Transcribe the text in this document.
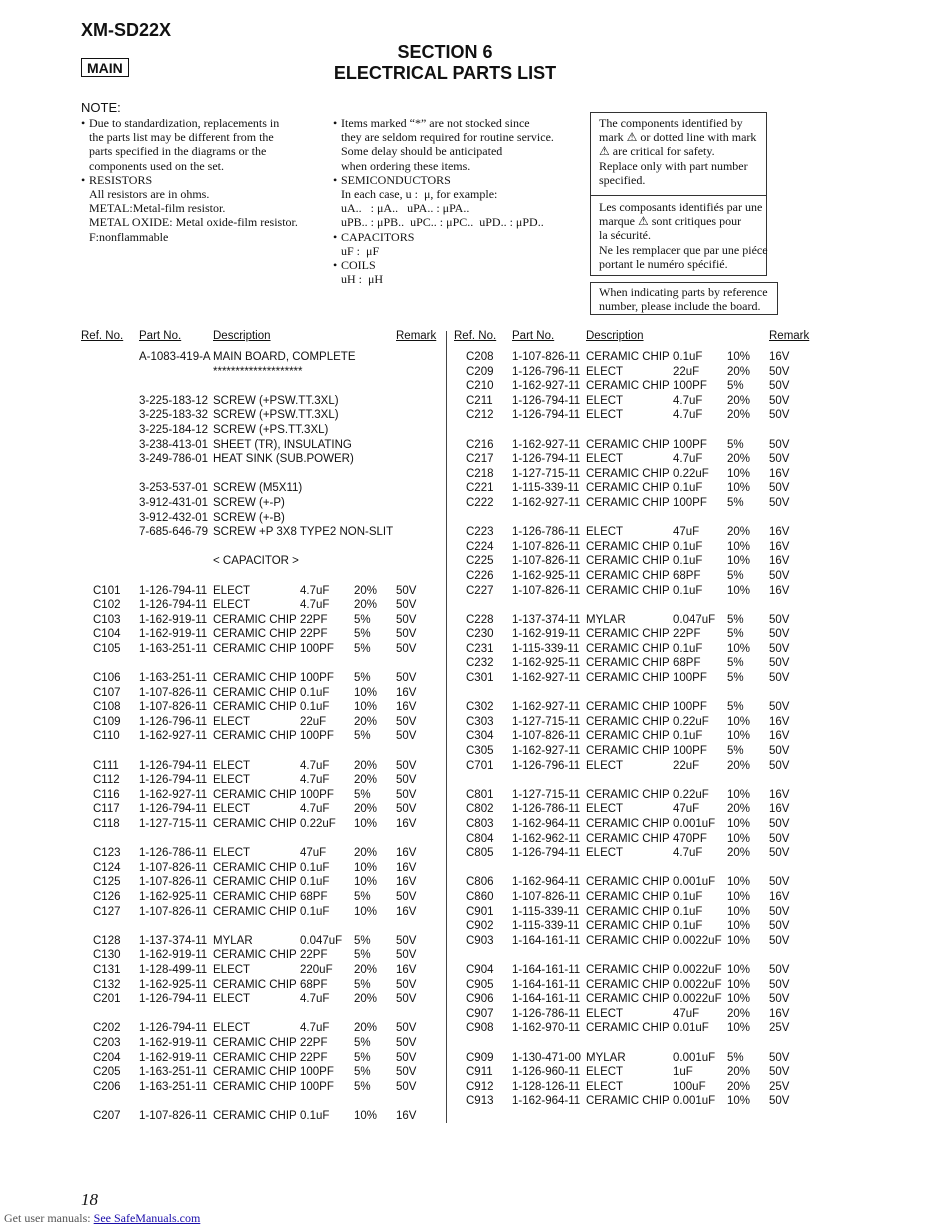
XM-SD22X
MAIN
SECTION 6
ELECTRICAL PARTS LIST
NOTE:
• Due to standardization, replacements in
the parts list may be different from the
parts specified in the diagrams or the
components used on the set.
• RESISTORS
All resistors are in ohms.
METAL:Metal-film resistor.
METAL OXIDE: Metal oxide-film resistor.
F:nonflammable
• Items marked “*” are not stocked since
they are seldom required for routine service.
Some delay should be anticipated
when ordering these items.
• SEMICONDUCTORS
In each case, u :  μ, for example:
uA..   : μA..   uPA.. : μPA..
uPB.. : μPB..  uPC.. : μPC..  uPD.. : μPD..
• CAPACITORS
uF :  μF
• COILS
uH :  μH
The components identified by
mark ⚠ or dotted line with mark
⚠ are critical for safety.
Replace only with part number
specified.
Les composants identifiés par une
marque ⚠ sont critiques pour
la sécurité.
Ne les remplacer que par une piéce
portant le numéro spécifié.
When indicating parts by reference
number, please include the board.
Ref. No. Part No.	Description	Remark Ref. No. Part No.	Description	Remark
A-1083-419-A MAIN BOARD, COMPLETE
********************
3-225-183-12 SCREW (+PSW.TT.3XL)
3-225-183-32 SCREW (+PSW.TT.3XL)
3-225-184-12 SCREW (+PS.TT.3XL)
3-238-413-01 SHEET (TR), INSULATING
3-249-786-01 HEAT SINK (SUB.POWER)
3-253-537-01 SCREW (M5X11)
3-912-431-01 SCREW (+-P)
3-912-432-01 SCREW (+-B)
7-685-646-79 SCREW +P 3X8 TYPE2 NON-SLIT
< CAPACITOR >
C101 1-126-794-11 ELECT	4.7uF 20% 50V
C102 1-126-794-11 ELECT	4.7uF 20% 50V
C103 1-162-919-11 CERAMIC CHIP 22PF 5% 50V
C104 1-162-919-11 CERAMIC CHIP 22PF 5% 50V
C105 1-163-251-11 CERAMIC CHIP 100PF 5% 50V
C106 1-163-251-11 CERAMIC CHIP 100PF 5% 50V
C107 1-107-826-11 CERAMIC CHIP 0.1uF 10% 16V
C108 1-107-826-11 CERAMIC CHIP 0.1uF 10% 16V
C109 1-126-796-11 ELECT	22uF 20% 50V
C110 1-162-927-11 CERAMIC CHIP 100PF 5% 50V
C111 1-126-794-11 ELECT	4.7uF 20% 50V
C112 1-126-794-11 ELECT	4.7uF 20% 50V
C116 1-162-927-11 CERAMIC CHIP 100PF 5% 50V
C117 1-126-794-11 ELECT	4.7uF 20% 50V
C118 1-127-715-11 CERAMIC CHIP 0.22uF 10% 16V
C123 1-126-786-11 ELECT	47uF 20% 16V
C124 1-107-826-11 CERAMIC CHIP 0.1uF 10% 16V
C125 1-107-826-11 CERAMIC CHIP 0.1uF 10% 16V
C126 1-162-925-11 CERAMIC CHIP 68PF 5% 50V
C127 1-107-826-11 CERAMIC CHIP 0.1uF 10% 16V
C128 1-137-374-11 MYLAR	0.047uF 5% 50V
C130 1-162-919-11 CERAMIC CHIP 22PF 5% 50V
C131 1-128-499-11 ELECT	220uF 20% 16V
C132 1-162-925-11 CERAMIC CHIP 68PF 5% 50V
C201 1-126-794-11 ELECT	4.7uF 20% 50V
C202 1-126-794-11 ELECT	4.7uF 20% 50V
C203 1-162-919-11 CERAMIC CHIP 22PF 5% 50V
C204 1-162-919-11 CERAMIC CHIP 22PF 5% 50V
C205 1-163-251-11 CERAMIC CHIP 100PF 5% 50V
C206 1-163-251-11 CERAMIC CHIP 100PF 5% 50V
C207 1-107-826-11 CERAMIC CHIP 0.1uF 10% 16V
C208 1-107-826-11 CERAMIC CHIP 0.1uF 10% 16V
C209 1-126-796-11 ELECT	22uF 20% 50V
C210 1-162-927-11 CERAMIC CHIP 100PF 5% 50V
C211 1-126-794-11 ELECT	4.7uF 20% 50V
C212 1-126-794-11 ELECT	4.7uF 20% 50V
C216 1-162-927-11 CERAMIC CHIP 100PF 5% 50V
C217 1-126-794-11 ELECT	4.7uF 20% 50V
C218 1-127-715-11 CERAMIC CHIP 0.22uF 10% 16V
C221 1-115-339-11 CERAMIC CHIP 0.1uF 10% 50V
C222 1-162-927-11 CERAMIC CHIP 100PF 5% 50V
C223 1-126-786-11 ELECT	47uF 20% 16V
C224 1-107-826-11 CERAMIC CHIP 0.1uF 10% 16V
C225 1-107-826-11 CERAMIC CHIP 0.1uF 10% 16V
C226 1-162-925-11 CERAMIC CHIP 68PF 5% 50V
C227 1-107-826-11 CERAMIC CHIP 0.1uF 10% 16V
C228 1-137-374-11 MYLAR	0.047uF 5% 50V
C230 1-162-919-11 CERAMIC CHIP 22PF 5% 50V
C231 1-115-339-11 CERAMIC CHIP 0.1uF 10% 50V
C232 1-162-925-11 CERAMIC CHIP 68PF 5% 50V
C301 1-162-927-11 CERAMIC CHIP 100PF 5% 50V
C302 1-162-927-11 CERAMIC CHIP 100PF 5% 50V
C303 1-127-715-11 CERAMIC CHIP 0.22uF 10% 16V
C304 1-107-826-11 CERAMIC CHIP 0.1uF 10% 16V
C305 1-162-927-11 CERAMIC CHIP 100PF 5% 50V
C701 1-126-796-11 ELECT	22uF 20% 50V
C801 1-127-715-11 CERAMIC CHIP 0.22uF 10% 16V
C802 1-126-786-11 ELECT	47uF 20% 16V
C803 1-162-964-11 CERAMIC CHIP 0.001uF 10% 50V
C804 1-162-962-11 CERAMIC CHIP 470PF 10% 50V
C805 1-126-794-11 ELECT	4.7uF 20% 50V
C806 1-162-964-11 CERAMIC CHIP 0.001uF 10% 50V
C860 1-107-826-11 CERAMIC CHIP 0.1uF 10% 16V
C901 1-115-339-11 CERAMIC CHIP 0.1uF 10% 50V
C902 1-115-339-11 CERAMIC CHIP 0.1uF 10% 50V
C903 1-164-161-11 CERAMIC CHIP 0.0022uF 10% 50V
C904 1-164-161-11 CERAMIC CHIP 0.0022uF 10% 50V
C905 1-164-161-11 CERAMIC CHIP 0.0022uF 10% 50V
C906 1-164-161-11 CERAMIC CHIP 0.0022uF 10% 50V
C907 1-126-786-11 ELECT	47uF 20% 16V
C908 1-162-970-11 CERAMIC CHIP 0.01uF 10% 25V
C909 1-130-471-00 MYLAR	0.001uF 5% 50V
C911 1-126-960-11 ELECT	1uF	20% 50V
C912 1-128-126-11 ELECT	100uF 20% 25V
C913 1-162-964-11 CERAMIC CHIP 0.001uF 10% 50V
18
Get user manuals: See SafeManuals.com
